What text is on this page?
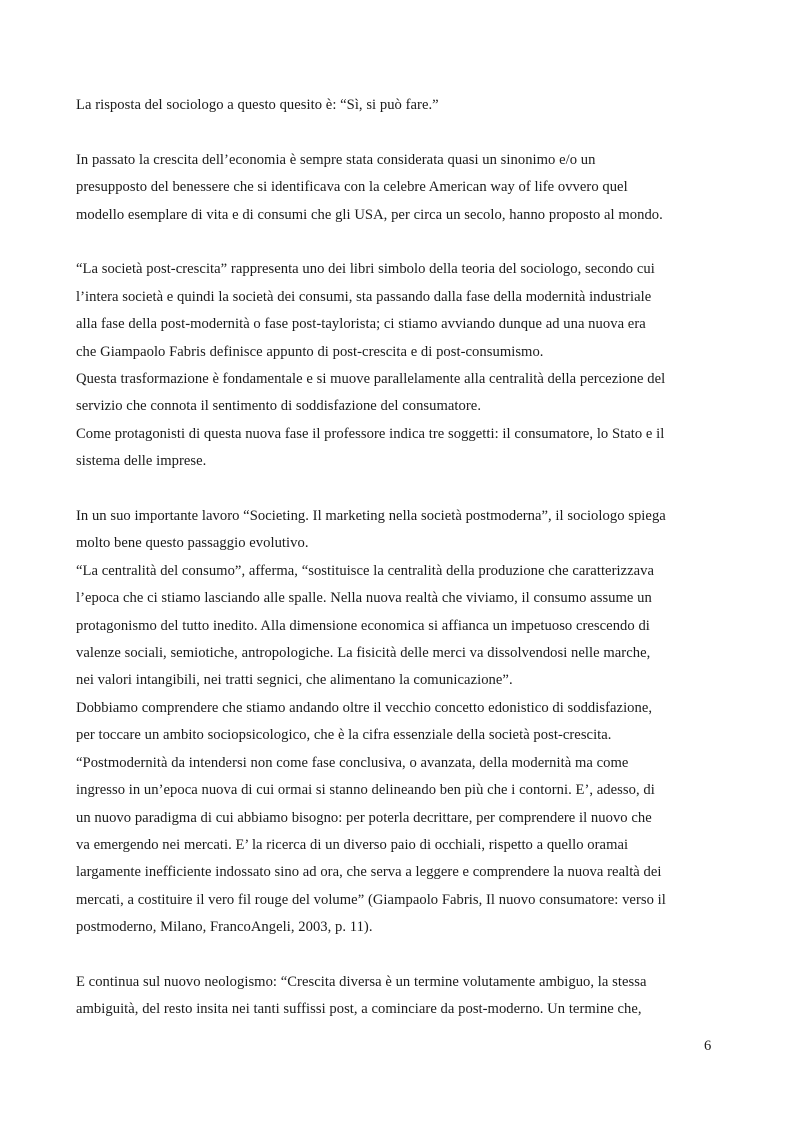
La risposta del sociologo a questo quesito è: “Sì, si può fare.”
In passato la crescita dell’economia è sempre stata considerata quasi un sinonimo e/o un
presupposto del benessere che si identificava con la celebre American way of life ovvero quel
modello esemplare di vita e di consumi che gli USA, per circa un secolo, hanno proposto al mondo.
“La società post-crescita” rappresenta uno dei libri simbolo della teoria del sociologo, secondo cui
l’intera società e quindi la società dei consumi, sta passando dalla fase della modernità industriale
alla fase della post-modernità o fase post-taylorista; ci stiamo avviando dunque ad una nuova era
che Giampaolo Fabris definisce appunto di post-crescita e di post-consumismo.
Questa trasformazione è fondamentale e si muove parallelamente alla centralità della percezione del
servizio che connota il sentimento di soddisfazione del consumatore.
Come protagonisti di questa nuova fase il professore indica tre soggetti: il consumatore, lo Stato e il
sistema delle imprese.
In un suo importante lavoro “Societing. Il marketing nella società postmoderna”, il sociologo spiega
molto bene questo passaggio evolutivo.
“La centralità del consumo”, afferma, “sostituisce la centralità della produzione che caratterizzava
l’epoca che ci stiamo lasciando alle spalle. Nella nuova realtà che viviamo, il consumo assume un
protagonismo del tutto inedito. Alla dimensione economica si affianca un impetuoso crescendo di
valenze sociali, semiotiche, antropologiche. La fisicità delle merci va dissolvendosi nelle marche,
nei valori intangibili, nei tratti segnici, che alimentano la comunicazione”.
Dobbiamo comprendere che stiamo andando oltre il vecchio concetto edonistico di soddisfazione,
per toccare un ambito sociopsicologico, che è la cifra essenziale della società post-crescita.
“Postmodernità da intendersi non come fase conclusiva, o avanzata, della modernità ma come
ingresso in un’epoca nuova di cui ormai si stanno delineando ben più che i contorni. E’, adesso, di
un nuovo paradigma di cui abbiamo bisogno: per poterla decrittare, per comprendere il nuovo che
va emergendo nei mercati. E’ la ricerca di un diverso paio di occhiali, rispetto a quello oramai
largamente inefficiente indossato sino ad ora, che serva a leggere e comprendere la nuova realtà dei
mercati, a costituire il vero fil rouge del volume” (Giampaolo Fabris, Il nuovo consumatore: verso il
postmoderno, Milano, FrancoAngeli, 2003, p. 11).
E continua sul nuovo neologismo: “Crescita diversa è un termine volutamente ambiguo, la stessa
ambiguità, del resto insita nei tanti suffissi post, a cominciare da post-moderno. Un termine che,
6
